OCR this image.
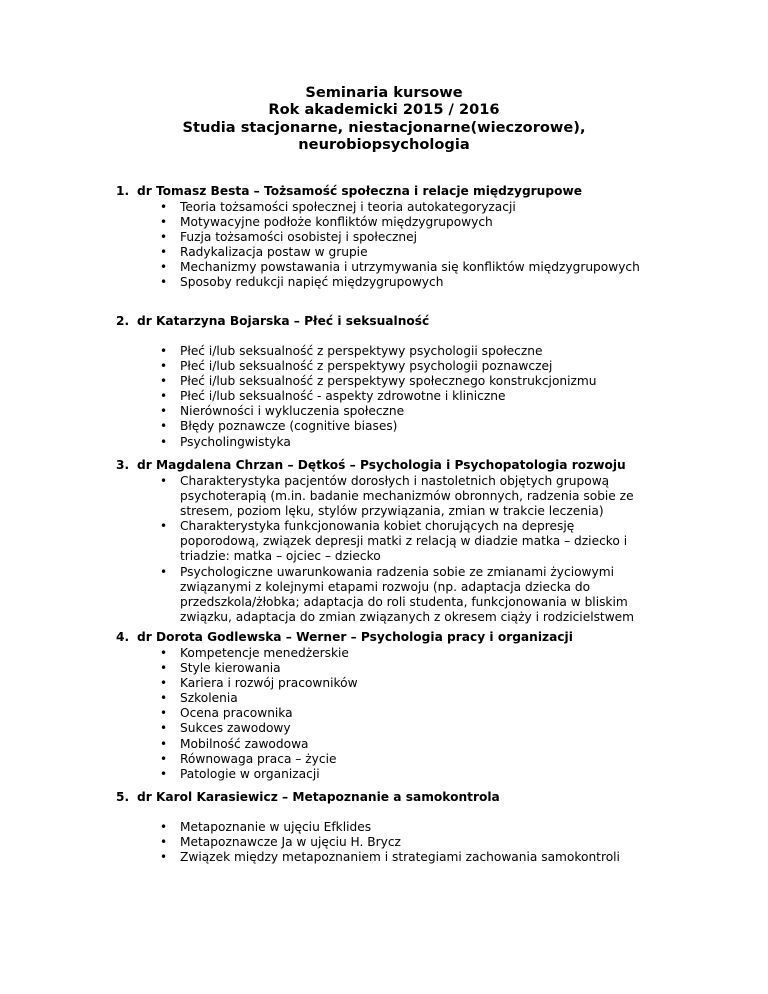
Seminaria kursowe
Rok akademicki 2015 / 2016
Studia stacjonarne, niestacjonarne(wieczorowe),
neurobiopsychologia
1. dr Tomasz Besta – Tożsamość społeczna i relacje międzygrupowe
• Teoria tożsamości społecznej i teoria autokategoryzacji
• Motywacyjne podłoże konfliktów międzygrupowych
• Fuzja tożsamości osobistej i społecznej
• Radykalizacja postaw w grupie
• Mechanizmy powstawania i utrzymywania się konfliktów międzygrupowych
• Sposoby redukcji napięć międzygrupowych
2. dr Katarzyna Bojarska – Płeć i seksualność
• Płeć i/lub seksualność z perspektywy psychologii społeczne
• Płeć i/lub seksualność z perspektywy psychologii poznawczej
• Płeć i/lub seksualność z perspektywy społecznego konstrukcjonizmu
• Płeć i/lub seksualność - aspekty zdrowotne i kliniczne
• Nierówności i wykluczenia społeczne
• Błędy poznawcze (cognitive biases)
• Psycholingwistyka
3. dr Magdalena Chrzan – Dętkoś – Psychologia i Psychopatologia rozwoju
• Charakterystyka pacjentów dorosłych i nastoletnich objętych grupową psychoterapią (m.in. badanie mechanizmów obronnych, radzenia sobie ze stresem, poziom lęku, stylów przywiązania, zmian w trakcie leczenia)
• Charakterystyka funkcjonowania kobiet chorujących na depresję poporodową, związek depresji matki z relacją w diadzie matka – dziecko i triadzie: matka – ojciec – dziecko
• Psychologiczne uwarunkowania radzenia sobie ze zmianami życiowymi związanymi z kolejnymi etapami rozwoju (np. adaptacja dziecka do przedszkola/żłobka; adaptacja do roli studenta, funkcjonowania w bliskim związku, adaptacja do zmian związanych z okresem ciąży i rodzicielstwem
4. dr Dorota Godlewska – Werner – Psychologia pracy i organizacji
• Kompetencje menedżerskie
• Style kierowania
• Kariera i rozwój pracowników
• Szkolenia
• Ocena pracownika
• Sukces zawodowy
• Mobilność zawodowa
• Równowaga praca – życie
• Patologie w organizacji
5. dr Karol Karasiewicz – Metapoznanie a samokontrola
• Metapoznanie w ujęciu Efklides
• Metapoznawcze Ja w ujęciu H. Brycz
• Związek między metapoznaniem i strategiami zachowania samokontroli
